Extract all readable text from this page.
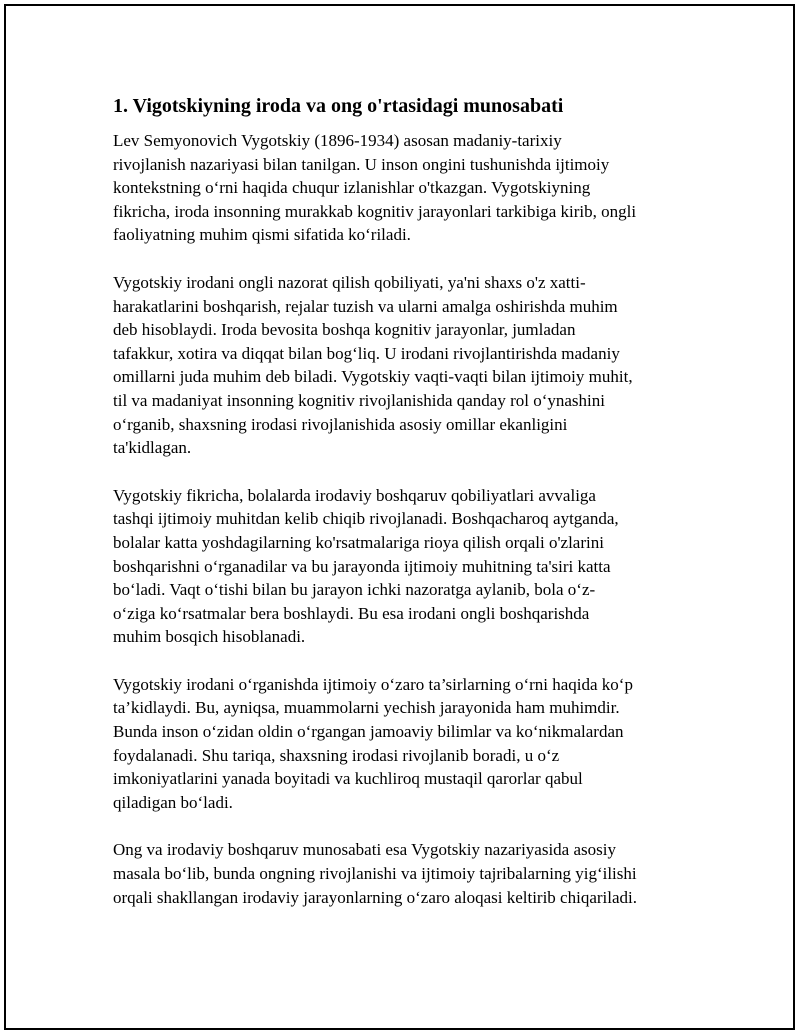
1. Vigotskiyning iroda va ong o'rtasidagi munosabati
Lev Semyonovich Vygotskiy (1896-1934) asosan madaniy-tarixiy
rivojlanish nazariyasi bilan tanilgan. U inson ongini tushunishda ijtimoiy
kontekstning o‘rni haqida chuqur izlanishlar o'tkazgan. Vygotskiyning
fikricha, iroda insonning murakkab kognitiv jarayonlari tarkibiga kirib, ongli
faoliyatning muhim qismi sifatida ko‘riladi.
Vygotskiy irodani ongli nazorat qilish qobiliyati, ya'ni shaxs o'z xatti-
harakatlarini boshqarish, rejalar tuzish va ularni amalga oshirishda muhim
deb hisoblaydi. Iroda bevosita boshqa kognitiv jarayonlar, jumladan
tafakkur, xotira va diqqat bilan bog‘liq. U irodani rivojlantirishda madaniy
omillarni juda muhim deb biladi. Vygotskiy vaqti-vaqti bilan ijtimoiy muhit,
til va madaniyat insonning kognitiv rivojlanishida qanday rol o‘ynashini
o‘rganib, shaxsning irodasi rivojlanishida asosiy omillar ekanligini
ta'kidlagan.
Vygotskiy fikricha, bolalarda irodaviy boshqaruv qobiliyatlari avvaliga
tashqi ijtimoiy muhitdan kelib chiqib rivojlanadi. Boshqacharoq aytganda,
bolalar katta yoshdagilarning ko'rsatmalariga rioya qilish orqali o'zlarini
boshqarishni o‘rganadilar va bu jarayonda ijtimoiy muhitning ta'siri katta
bo‘ladi. Vaqt o‘tishi bilan bu jarayon ichki nazoratga aylanib, bola o‘z-
o‘ziga ko‘rsatmalar bera boshlaydi. Bu esa irodani ongli boshqarishda
muhim bosqich hisoblanadi.
Vygotskiy irodani o‘rganishda ijtimoiy o‘zaro ta’sirlarning o‘rni haqida ko‘p
ta’kidlaydi. Bu, ayniqsa, muammolarni yechish jarayonida ham muhimdir.
Bunda inson o‘zidan oldin o‘rgangan jamoaviy bilimlar va ko‘nikmalardan
foydalanadi. Shu tariqa, shaxsning irodasi rivojlanib boradi, u o‘z
imkoniyatlarini yanada boyitadi va kuchliroq mustaqil qarorlar qabul
qiladigan bo‘ladi.
Ong va irodaviy boshqaruv munosabati esa Vygotskiy nazariyasida asosiy
masala bo‘lib, bunda ongning rivojlanishi va ijtimoiy tajribalarning yig‘ilishi
orqali shakllangan irodaviy jarayonlarning o‘zaro aloqasi keltirib chiqariladi.
